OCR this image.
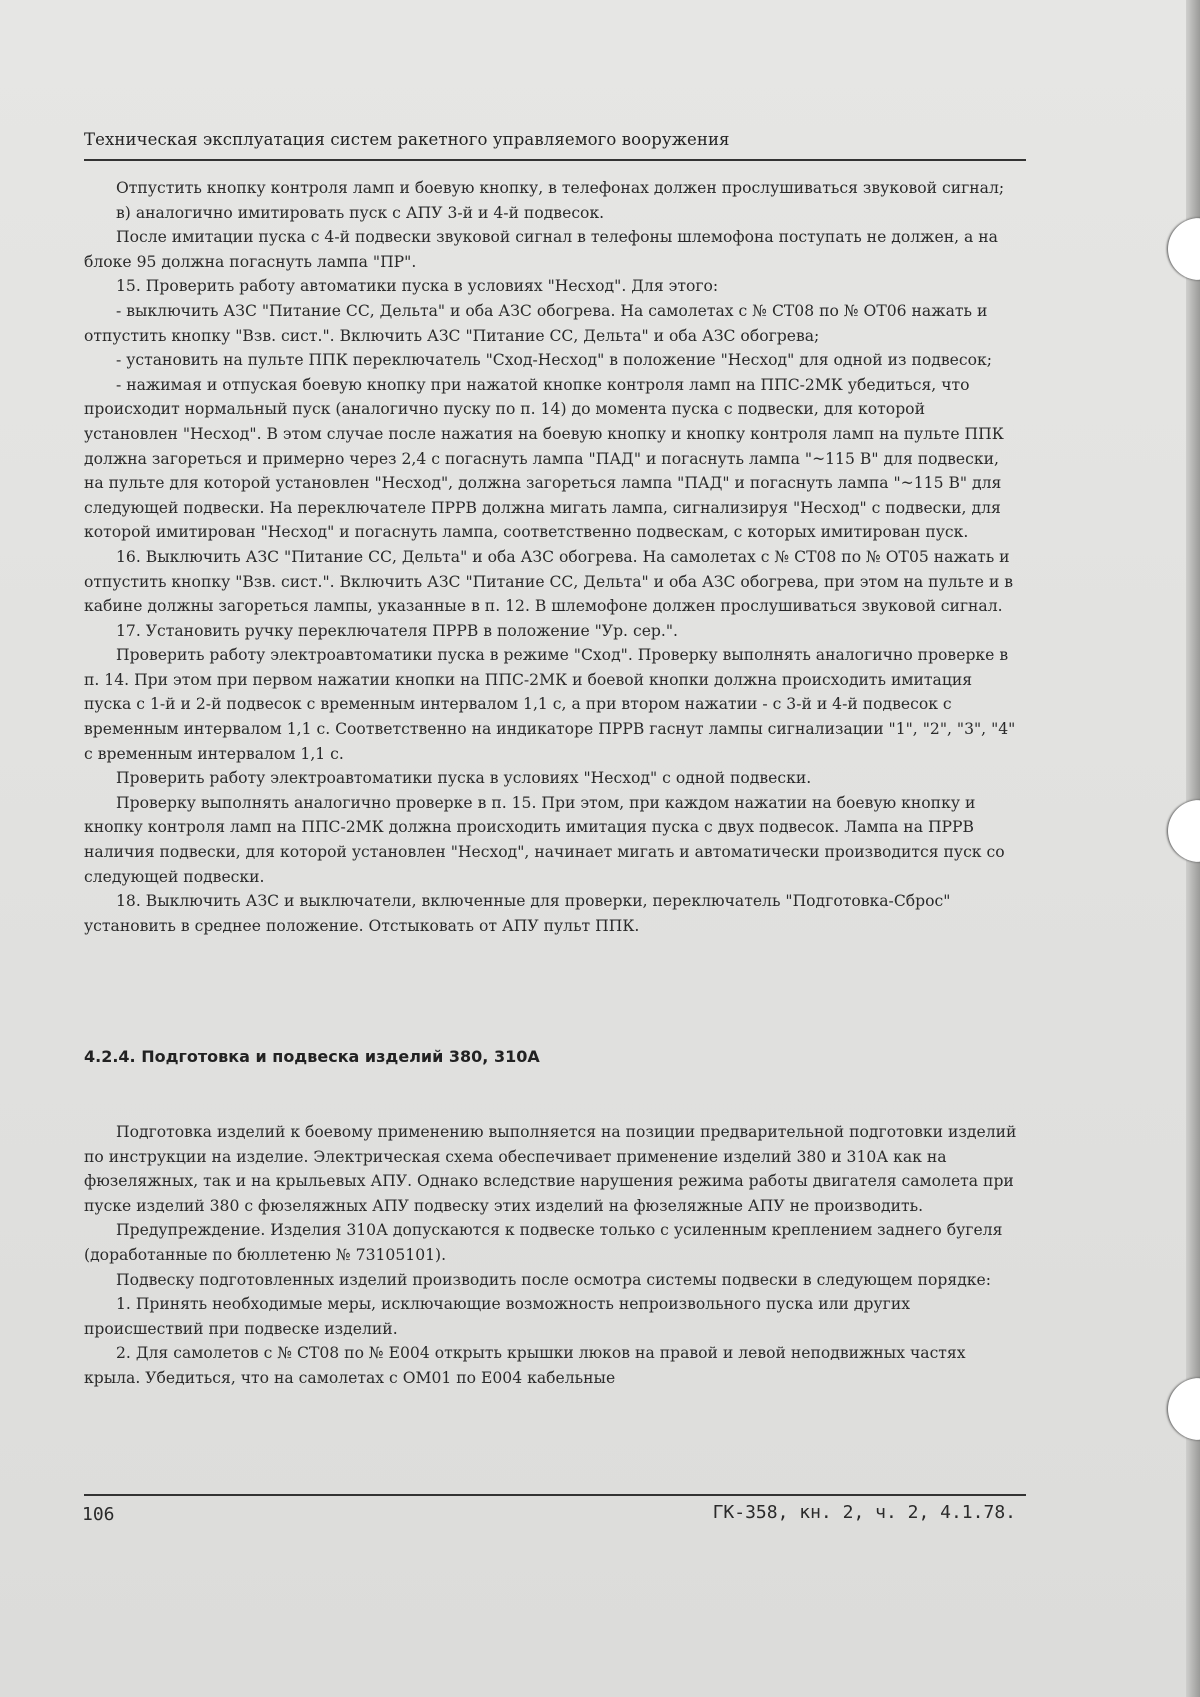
Техническая эксплуатация систем ракетного управляемого вооружения

Отпустить кнопку контроля ламп и боевую кнопку, в телефонах должен прослушиваться звуковой сигнал;

в) аналогично имитировать пуск с АПУ 3-й и 4-й подвесок.

После имитации пуска с 4-й подвески звуковой сигнал в телефоны шлемофона поступать не должен, а на блоке 95 должна погаснуть лампа "ПР".

15. Проверить работу автоматики пуска в условиях "Несход". Для этого:

- выключить АЗС "Питание СС, Дельта" и оба АЗС обогрева. На самолетах с № СТ08 по № ОТ06 нажать и отпустить кнопку "Взв. сист.". Включить АЗС "Питание СС, Дельта" и оба АЗС обогрева;

- установить на пульте ППК переключатель "Сход-Несход" в положение "Несход" для одной из подвесок;

- нажимая и отпуская боевую кнопку при нажатой кнопке контроля ламп на ППС-2МК убедиться, что происходит нормальный пуск (аналогично пуску по п. 14) до момента пуска с подвески, для которой установлен "Несход". В этом случае после нажатия на боевую кнопку и кнопку контроля ламп на пульте ППК должна загореться и примерно через 2,4 с погаснуть лампа "ПАД" и погаснуть лампа "~115 В" для подвески, на пульте для которой установлен "Несход", должна загореться лампа "ПАД" и погаснуть лампа "~115 В" для следующей подвески. На переключателе ПРРВ должна мигать лампа, сигнализируя "Несход" с подвески, для которой имитирован "Несход" и погаснуть лампа, соответственно подвескам, с которых имитирован пуск.

16. Выключить АЗС "Питание СС, Дельта" и оба АЗС обогрева. На самолетах с № СТ08 по № ОТ05 нажать и отпустить кнопку "Взв. сист.". Включить АЗС "Питание СС, Дельта" и оба АЗС обогрева, при этом на пульте и в кабине должны загореться лампы, указанные в п. 12. В шлемофоне должен прослушиваться звуковой сигнал.

17. Установить ручку переключателя ПРРВ в положение "Ур. сер.".

Проверить работу электроавтоматики пуска в режиме "Сход". Проверку выполнять аналогично проверке в п. 14. При этом при первом нажатии кнопки на ППС-2МК и боевой кнопки должна происходить имитация пуска с 1-й и 2-й подвесок с временным интервалом 1,1 с, а при втором нажатии - с 3-й и 4-й подвесок с временным интервалом 1,1 с. Соответственно на индикаторе ПРРВ гаснут лампы сигнализации "1", "2", "3", "4" с временным интервалом 1,1 с.

Проверить работу электроавтоматики пуска в условиях "Несход" с одной подвески.

Проверку выполнять аналогично проверке в п. 15. При этом, при каждом нажатии на боевую кнопку и кнопку контроля ламп на ППС-2МК должна происходить имитация пуска с двух подвесок. Лампа на ПРРВ наличия подвески, для которой установлен "Несход", начинает мигать и автоматически производится пуск со следующей подвески.

18. Выключить АЗС и выключатели, включенные для проверки, переключатель "Подготовка-Сброс" установить в среднее положение. Отстыковать от АПУ пульт ППК.

4.2.4. Подготовка и подвеска изделий 380, 310А

Подготовка изделий к боевому применению выполняется на позиции предварительной подготовки изделий по инструкции на изделие. Электрическая схема обеспечивает применение изделий 380 и 310А как на фюзеляжных, так и на крыльевых АПУ. Однако вследствие нарушения режима работы двигателя самолета при пуске изделий 380 с фюзеляжных АПУ подвеску этих изделий на фюзеляжные АПУ не производить.

Предупреждение. Изделия 310А допускаются к подвеске только с усиленным креплением заднего бугеля (доработанные по бюллетеню № 73105101).

Подвеску подготовленных изделий производить после осмотра системы подвески в следующем порядке:

1. Принять необходимые меры, исключающие возможность непроизвольного пуска или других происшествий при подвеске изделий.

2. Для самолетов с № СТ08 по № Е004 открыть крышки люков на правой и левой неподвижных частях крыла. Убедиться, что на самолетах с ОМ01 по Е004 кабельные

106	ГК-358, кн. 2, ч. 2, 4.1.78.
